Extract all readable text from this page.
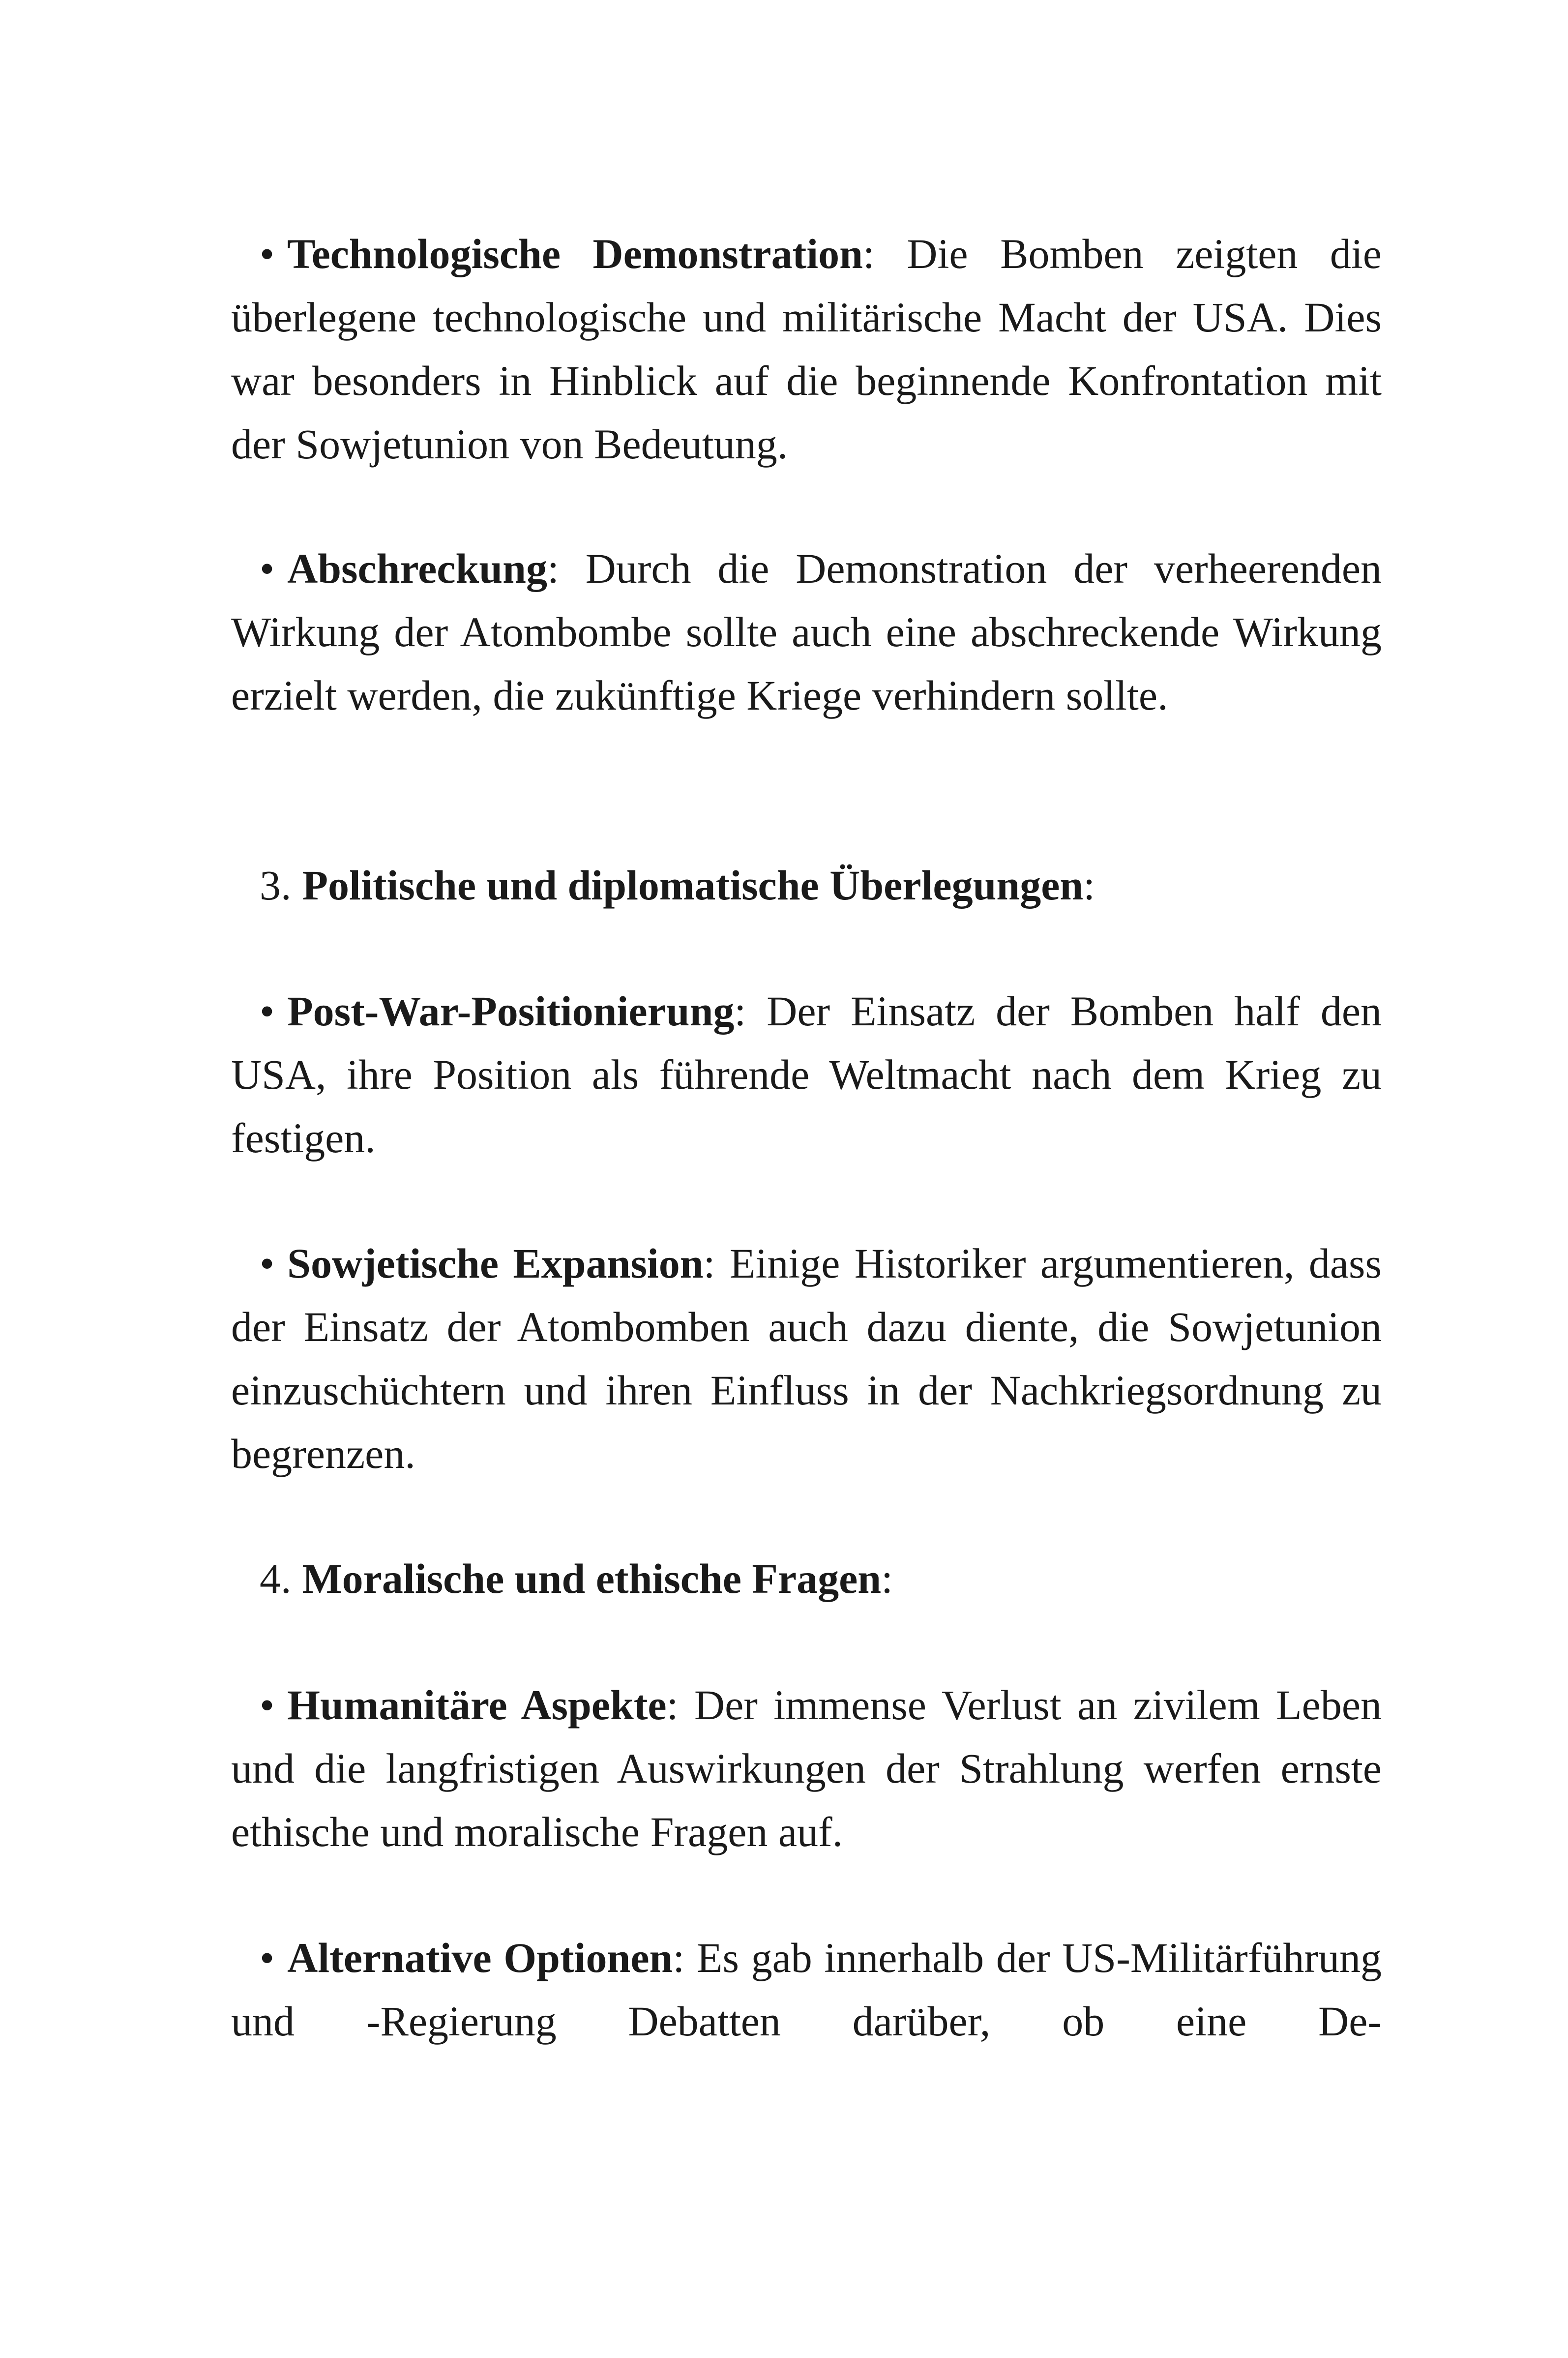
• Technologische Demonstration: Die Bomben zeigten die überlegene technologische und militärische Macht der USA. Dies war besonders in Hinblick auf die beginnende Konfrontation mit der Sowjetunion von Bedeutung.

• Abschreckung: Durch die Demonstration der verheerenden Wirkung der Atombombe sollte auch eine abschreckende Wirkung erzielt werden, die zukünftige Kriege verhindern sollte.

3. Politische und diplomatische Überlegungen:

• Post-War-Positionierung: Der Einsatz der Bomben half den USA, ihre Position als führende Weltmacht nach dem Krieg zu festigen.

• Sowjetische Expansion: Einige Historiker argumentieren, dass der Einsatz der Atombomben auch dazu diente, die Sowjetunion einzuschüchtern und ihren Einfluss in der Nachkriegsordnung zu begrenzen.

4. Moralische und ethische Fragen:

• Humanitäre Aspekte: Der immense Verlust an zivilem Leben und die langfristigen Auswirkungen der Strahlung werfen ernste ethische und moralische Fragen auf.

• Alternative Optionen: Es gab innerhalb der US-Militärführung und -Regierung Debatten darüber, ob eine De-
